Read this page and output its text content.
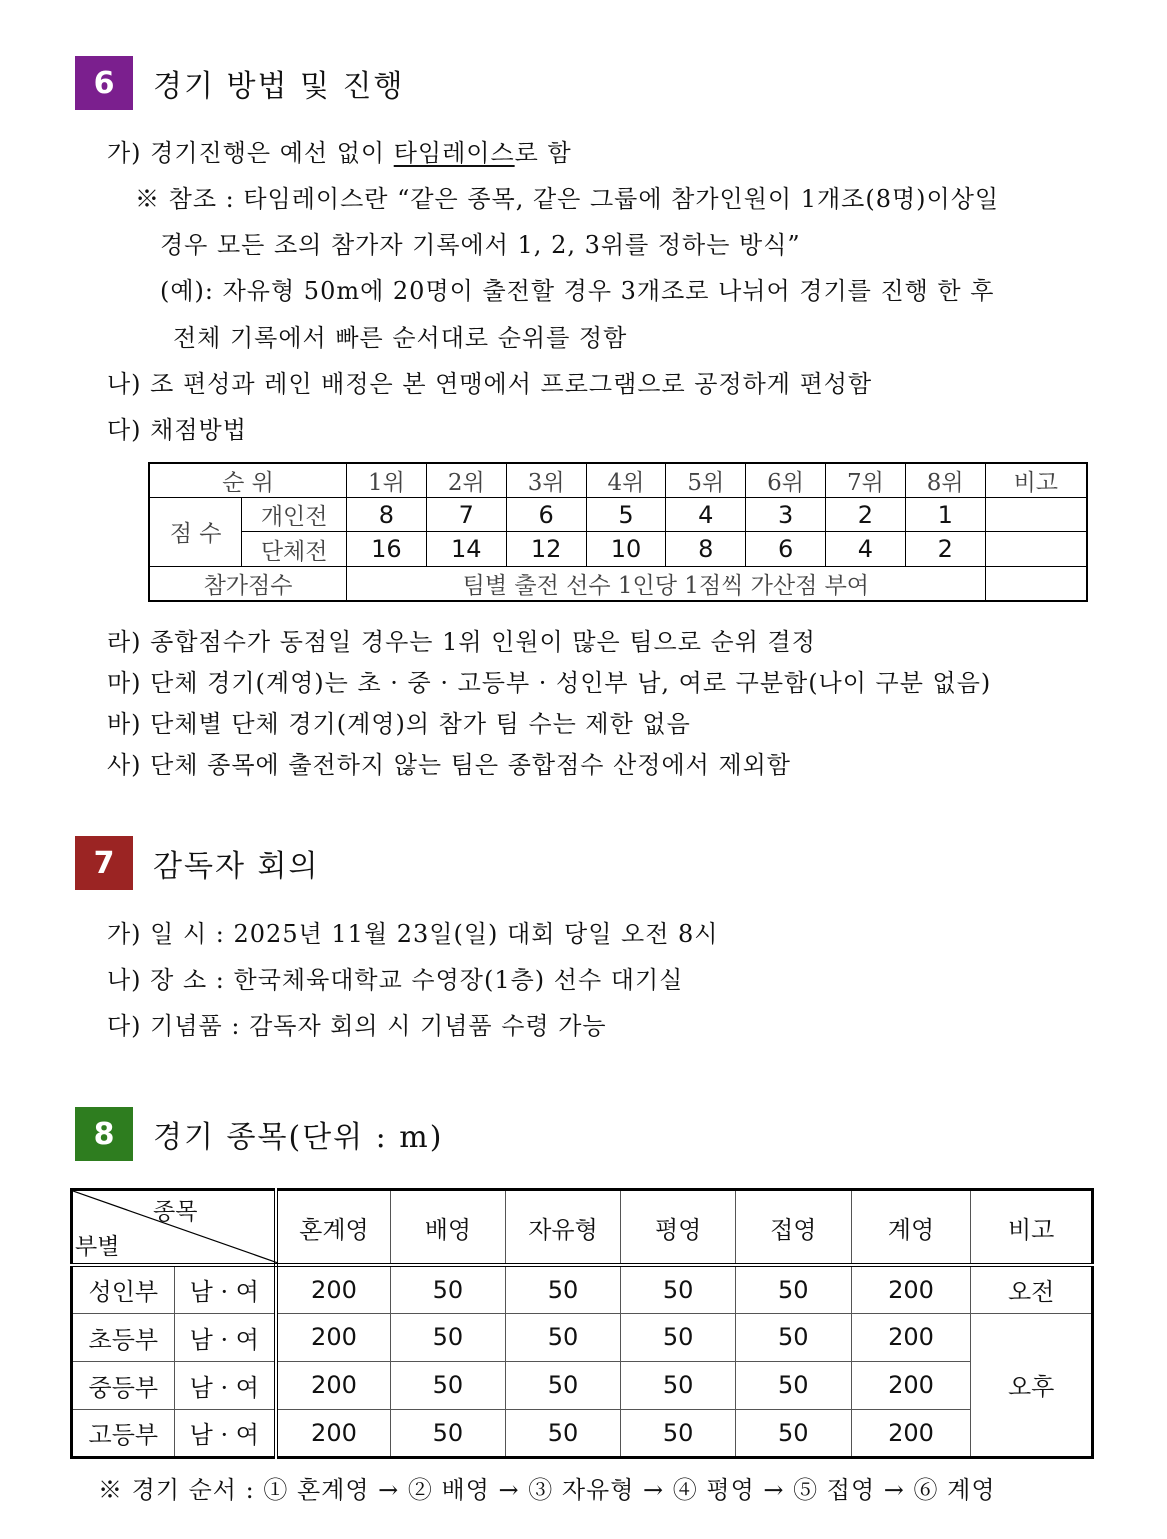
6	경기 방법 및 진행
가) 경기진행은 예선 없이 타임레이스로 함
※ 참조 : 타임레이스란 “같은 종목, 같은 그룹에 참가인원이 1개조(8명)이상일
경우 모든 조의 참가자 기록에서 1, 2, 3위를 정하는 방식”
(예): 자유형 50m에 20명이 출전할 경우 3개조로 나뉘어 경기를 진행 한 후
전체 기록에서 빠른 순서대로 순위를 정함
나) 조 편성과 레인 배정은 본 연맹에서 프로그램으로 공정하게 편성함
다) 채점방법
순 위		1위	2위	3위	4위	5위	6위	7위	8위	비고
점 수	개인전	8	7	6	5	4	3	2	1	
	단체전	16	14	12	10	8	6	4	2	
참가점수		팀별 출전 선수 1인당 1점씩 가산점 부여								
라) 종합점수가 동점일 경우는 1위 인원이 많은 팀으로 순위 결정
마) 단체 경기(계영)는 초 · 중 · 고등부 · 성인부 남, 여로 구분함(나이 구분 없음)
바) 단체별 단체 경기(계영)의 참가 팀 수는 제한 없음
사) 단체 종목에 출전하지 않는 팀은 종합점수 산정에서 제외함
7	감독자 회의
가) 일 시 : 2025년 11월 23일(일) 대회 당일 오전 8시
나) 장 소 : 한국체육대학교 수영장(1층) 선수 대기실
다) 기념품 : 감독자 회의 시 기념품 수령 가능
8	경기 종목(단위 : m)
종목
부별		혼계영	배영	자유형	평영	접영	계영	비고
성인부	남 · 여	200	50	50	50	50	200	오전
초등부	남 · 여	200	50	50	50	50	200	오후
중등부	남 · 여	200	50	50	50	50	200	
고등부	남 · 여	200	50	50	50	50	200	
※ 경기 순서 : ① 혼계영 → ② 배영 → ③ 자유형 → ④ 평영 → ⑤ 접영 → ⑥ 계영
